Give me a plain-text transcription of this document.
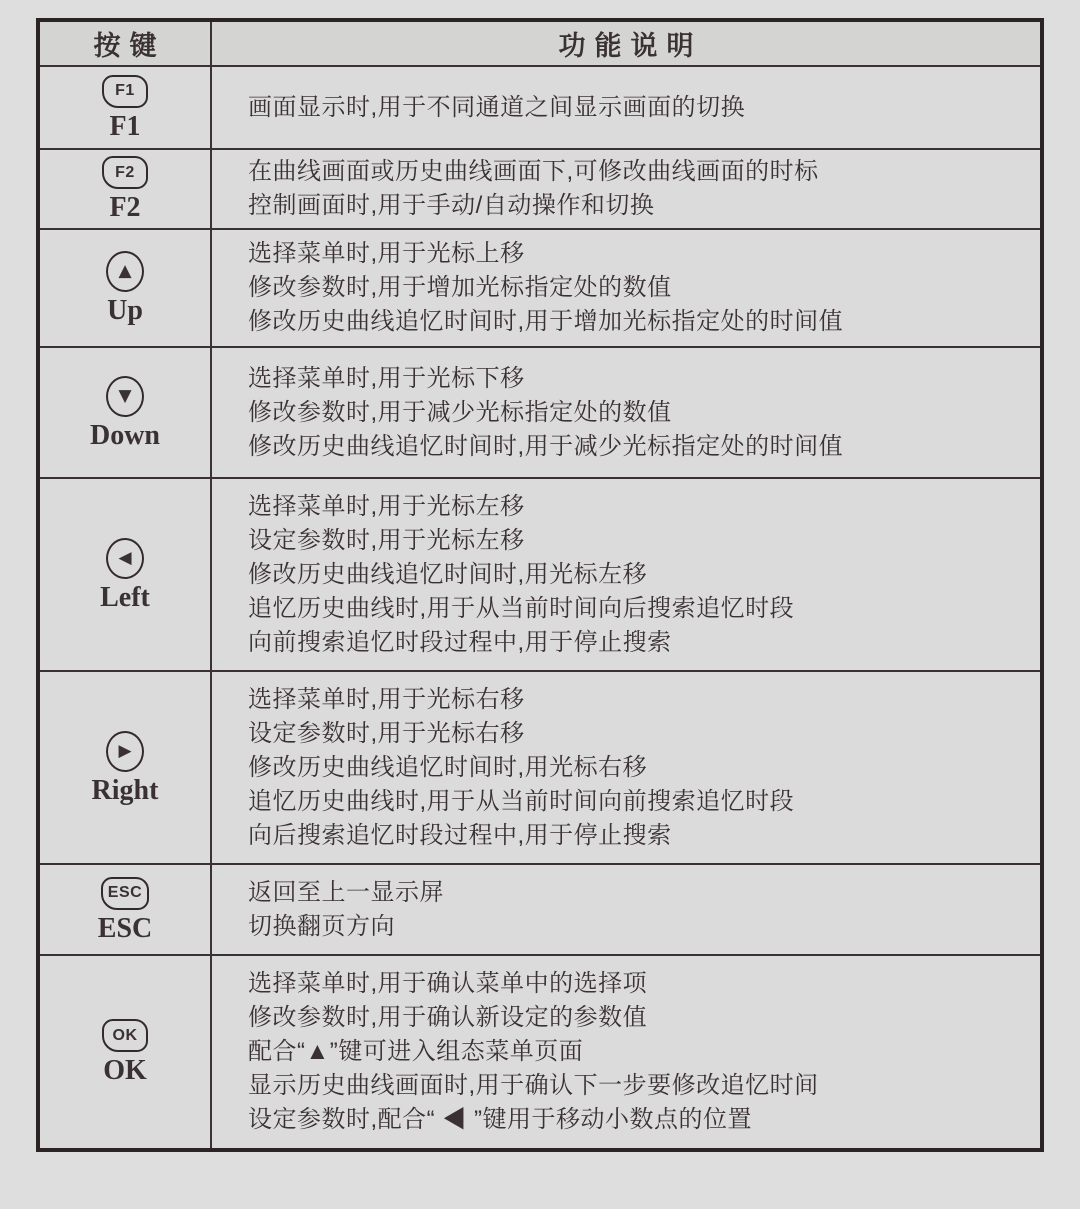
按键	功能说明
F1
F1
画面显示时,用于不同通道之间显示画面的切换
F2
F2
在曲线画面或历史曲线画面下,可修改曲线画面的时标
控制画面时,用于手动/自动操作和切换
▲
Up
选择菜单时,用于光标上移
修改参数时,用于增加光标指定处的数值
修改历史曲线追忆时间时,用于增加光标指定处的时间值
▼
Down
选择菜单时,用于光标下移
修改参数时,用于减少光标指定处的数值
修改历史曲线追忆时间时,用于减少光标指定处的时间值
◀
Left
选择菜单时,用于光标左移
设定参数时,用于光标左移
修改历史曲线追忆时间时,用光标左移
追忆历史曲线时,用于从当前时间向后搜索追忆时段
向前搜索追忆时段过程中,用于停止搜索
▶
Right
选择菜单时,用于光标右移
设定参数时,用于光标右移
修改历史曲线追忆时间时,用光标右移
追忆历史曲线时,用于从当前时间向前搜索追忆时段
向后搜索追忆时段过程中,用于停止搜索
ESC
ESC
返回至上一显示屏
切换翻页方向
OK
OK
选择菜单时,用于确认菜单中的选择项
修改参数时,用于确认新设定的参数值
配合“▲”键可进入组态菜单页面
显示历史曲线画面时,用于确认下一步要修改追忆时间
设定参数时,配合“ ◀ ”键用于移动小数点的位置
